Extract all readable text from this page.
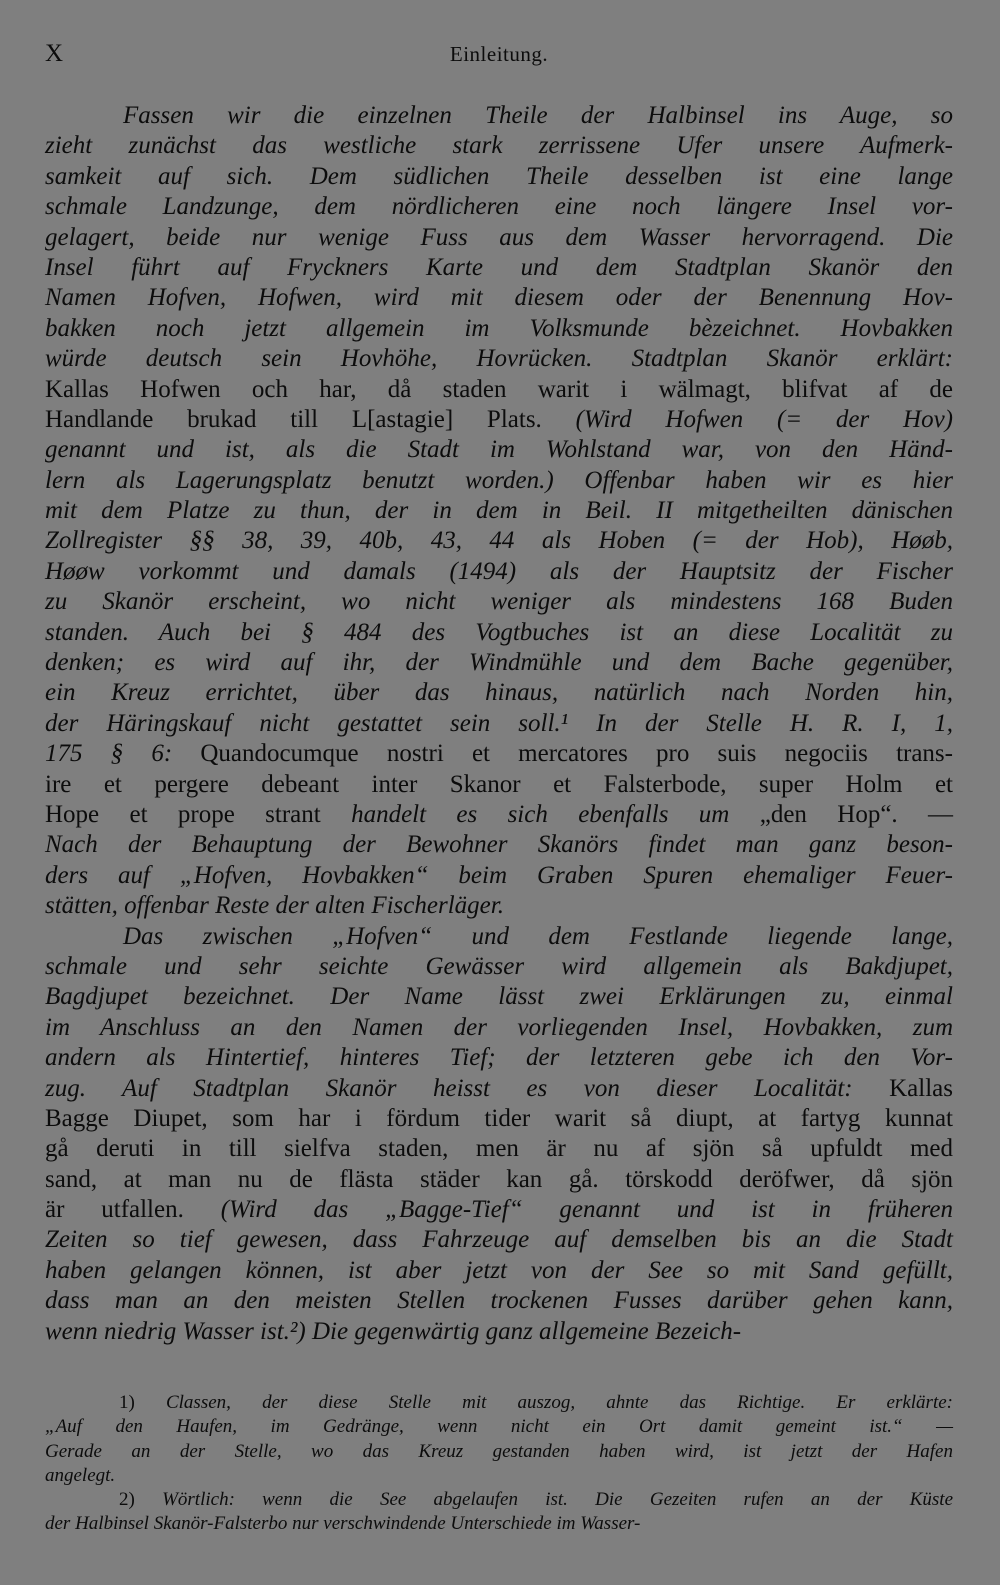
X	Einleitung.
Fassen wir die einzelnen Theile der Halbinsel ins Auge, so
zieht zunächst das westliche stark zerrissene Ufer unsere Aufmerk-
samkeit auf sich. Dem südlichen Theile desselben ist eine lange
schmale Landzunge, dem nördlicheren eine noch längere Insel vor-
gelagert, beide nur wenige Fuss aus dem Wasser hervorragend. Die
Insel führt auf Fryckners Karte und dem Stadtplan Skanör den
Namen Hofven, Hofwen, wird mit diesem oder der Benennung Hov-
bakken noch jetzt allgemein im Volksmunde bèzeichnet. Hovbakken
würde deutsch sein Hovhöhe, Hovrücken. Stadtplan Skanör erklärt:
Kallas Hofwen och har, då staden warit i wälmagt, blifvat af de
Handlande brukad till L[astagie] Plats. (Wird Hofwen (= der Hov)
genannt und ist, als die Stadt im Wohlstand war, von den Händ-
lern als Lagerungsplatz benutzt worden.) Offenbar haben wir es hier
mit dem Platze zu thun, der in dem in Beil. II mitgetheilten dänischen
Zollregister §§ 38, 39, 40b, 43, 44 als Hoben (= der Hob), Høøb,
Høøw vorkommt und damals (1494) als der Hauptsitz der Fischer
zu Skanör erscheint, wo nicht weniger als mindestens 168 Buden
standen. Auch bei § 484 des Vogtbuches ist an diese Localität zu
denken; es wird auf ihr, der Windmühle und dem Bache gegenüber,
ein Kreuz errichtet, über das hinaus, natürlich nach Norden hin,
der Häringskauf nicht gestattet sein soll.¹ In der Stelle H. R. I, 1,
175 § 6: Quandocumque nostri et mercatores pro suis negociis trans-
ire et pergere debeant inter Skanor et Falsterbode, super Holm et
Hope et prope strant handelt es sich ebenfalls um „den Hop“. —
Nach der Behauptung der Bewohner Skanörs findet man ganz beson-
ders auf „Hofven, Hovbakken“ beim Graben Spuren ehemaliger Feuer-
stätten, offenbar Reste der alten Fischerläger.
Das zwischen „Hofven“ und dem Festlande liegende lange,
schmale und sehr seichte Gewässer wird allgemein als Bakdjupet,
Bagdjupet bezeichnet. Der Name lässt zwei Erklärungen zu, einmal
im Anschluss an den Namen der vorliegenden Insel, Hovbakken, zum
andern als Hintertief, hinteres Tief; der letzteren gebe ich den Vor-
zug. Auf Stadtplan Skanör heisst es von dieser Localität: Kallas
Bagge Diupet, som har i fördum tider warit så diupt, at fartyg kunnat
gå deruti in till sielfva staden, men är nu af sjön så upfuldt med
sand, at man nu de flästa städer kan gå. törskodd deröfwer, då sjön
är utfallen. (Wird das „Bagge-Tief“ genannt und ist in früheren
Zeiten so tief gewesen, dass Fahrzeuge auf demselben bis an die Stadt
haben gelangen können, ist aber jetzt von der See so mit Sand gefüllt,
dass man an den meisten Stellen trockenen Fusses darüber gehen kann,
wenn niedrig Wasser ist.²) Die gegenwärtig ganz allgemeine Bezeich-
1) Classen, der diese Stelle mit auszog, ahnte das Richtige. Er erklärte:
„Auf den Haufen, im Gedränge, wenn nicht ein Ort damit gemeint ist.“ —
Gerade an der Stelle, wo das Kreuz gestanden haben wird, ist jetzt der Hafen
angelegt.
2) Wörtlich: wenn die See abgelaufen ist. Die Gezeiten rufen an der Küste
der Halbinsel Skanör-Falsterbo nur verschwindende Unterschiede im Wasser-
